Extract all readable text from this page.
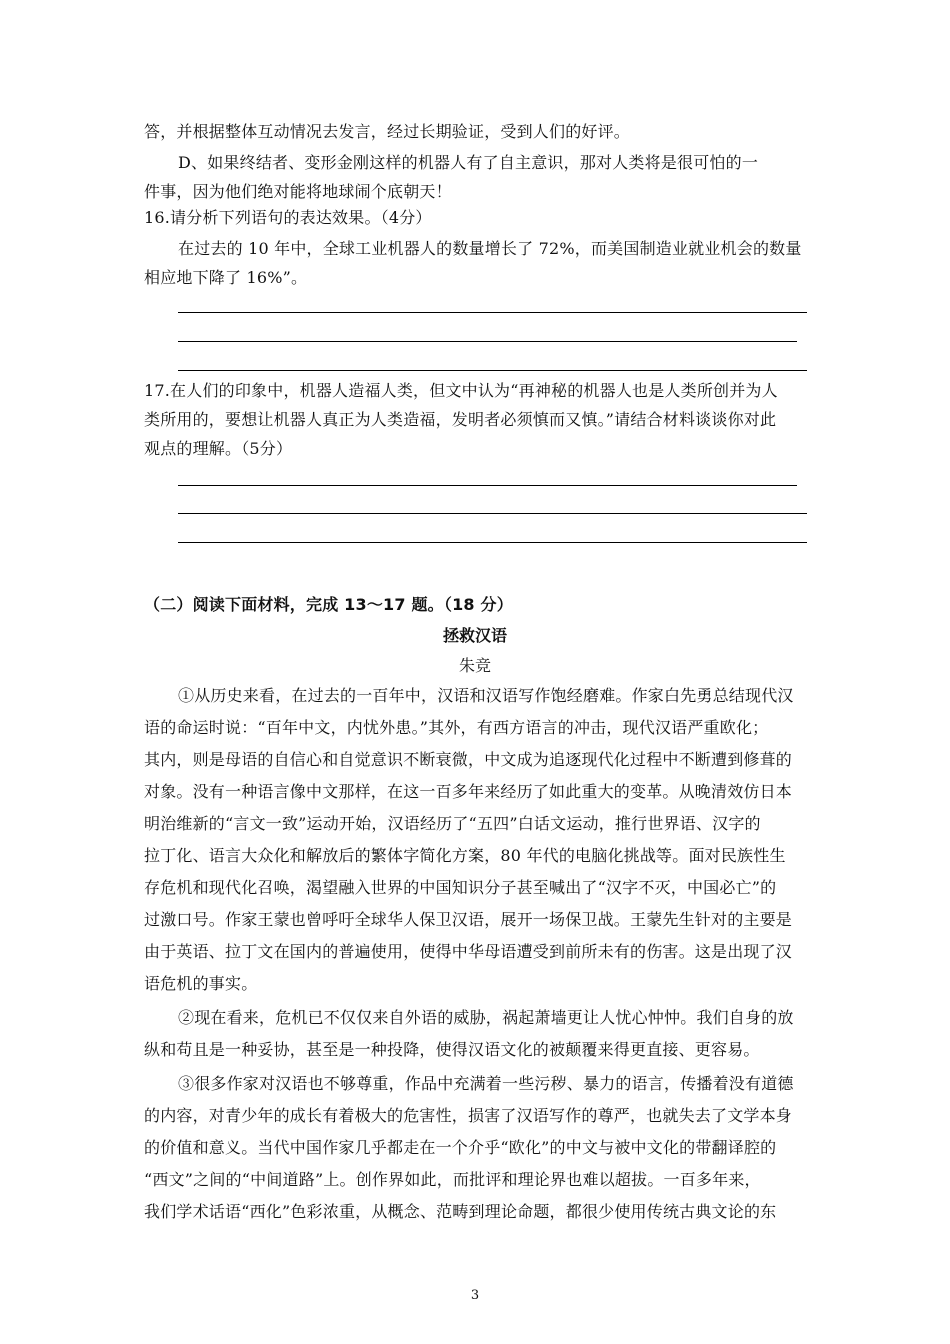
答，并根据整体互动情况去发言，经过长期验证，受到人们的好评。
D、如果终结者、变形金刚这样的机器人有了自主意识，那对人类将是很可怕的一
件事，因为他们绝对能将地球闹个底朝天！
16.请分析下列语句的表达效果。（4分）
在过去的 10 年中，全球工业机器人的数量增长了 72%，而美国制造业就业机会的数量
相应地下降了 16%”。
17.在人们的印象中，机器人造福人类，但文中认为“再神秘的机器人也是人类所创并为人
类所用的，要想让机器人真正为人类造福，发明者必须慎而又慎。”请结合材料谈谈你对此
观点的理解。（5分）
（二）阅读下面材料，完成 13～17 题。（18 分）
拯救汉语
朱竞
①从历史来看，在过去的一百年中，汉语和汉语写作饱经磨难。作家白先勇总结现代汉
语的命运时说：“百年中文，内忧外患。”其外，有西方语言的冲击，现代汉语严重欧化；
其内，则是母语的自信心和自觉意识不断衰微，中文成为追逐现代化过程中不断遭到修葺的
对象。没有一种语言像中文那样，在这一百多年来经历了如此重大的变革。从晚清效仿日本
明治维新的“言文一致”运动开始，汉语经历了“五四”白话文运动，推行世界语、汉字的
拉丁化、语言大众化和解放后的繁体字简化方案，80 年代的电脑化挑战等。面对民族性生
存危机和现代化召唤，渴望融入世界的中国知识分子甚至喊出了“汉字不灭，中国必亡”的
过激口号。作家王蒙也曾呼吁全球华人保卫汉语，展开一场保卫战。王蒙先生针对的主要是
由于英语、拉丁文在国内的普遍使用，使得中华母语遭受到前所未有的伤害。这是出现了汉
语危机的事实。
②现在看来，危机已不仅仅来自外语的威胁，祸起萧墙更让人忧心忡忡。我们自身的放
纵和苟且是一种妥协，甚至是一种投降，使得汉语文化的被颠覆来得更直接、更容易。
③很多作家对汉语也不够尊重，作品中充满着一些污秽、暴力的语言，传播着没有道德
的内容，对青少年的成长有着极大的危害性，损害了汉语写作的尊严，也就失去了文学本身
的价值和意义。当代中国作家几乎都走在一个介乎“欧化”的中文与被中文化的带翻译腔的
“西文”之间的“中间道路”上。创作界如此，而批评和理论界也难以超拔。一百多年来，
我们学术话语“西化”色彩浓重，从概念、范畴到理论命题，都很少使用传统古典文论的东
3
